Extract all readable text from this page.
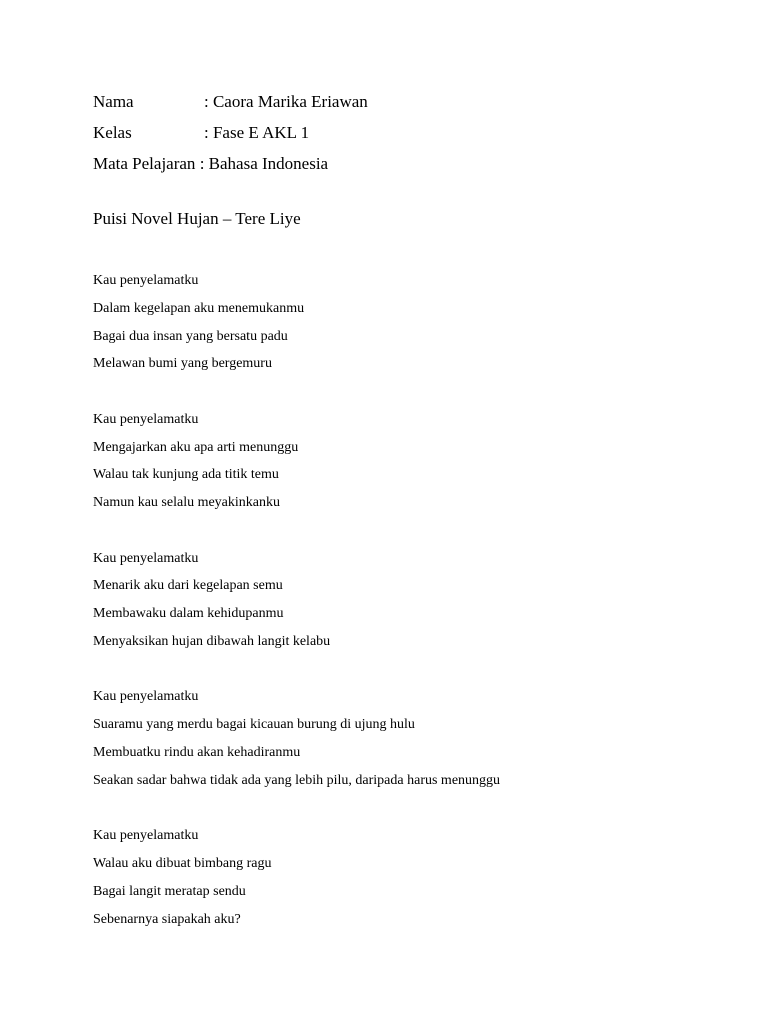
Nama	: Caora Marika Eriawan
Kelas	: Fase E AKL 1
Mata Pelajaran
: Bahasa Indonesia
Puisi Novel Hujan – Tere Liye
Kau penyelamatku
Dalam kegelapan aku menemukanmu
Bagai dua insan yang bersatu padu
Melawan bumi yang bergemuru
Kau penyelamatku
Mengajarkan aku apa arti menunggu
Walau tak kunjung ada titik temu
Namun kau selalu meyakinkanku
Kau penyelamatku
Menarik aku dari kegelapan semu
Membawaku dalam kehidupanmu
Menyaksikan hujan dibawah langit kelabu
Kau penyelamatku
Suaramu yang merdu bagai kicauan burung di ujung hulu
Membuatku rindu akan kehadiranmu
Seakan sadar bahwa tidak ada yang lebih pilu, daripada harus menunggu
Kau penyelamatku
Walau aku dibuat bimbang ragu
Bagai langit meratap sendu
Sebenarnya siapakah aku?
